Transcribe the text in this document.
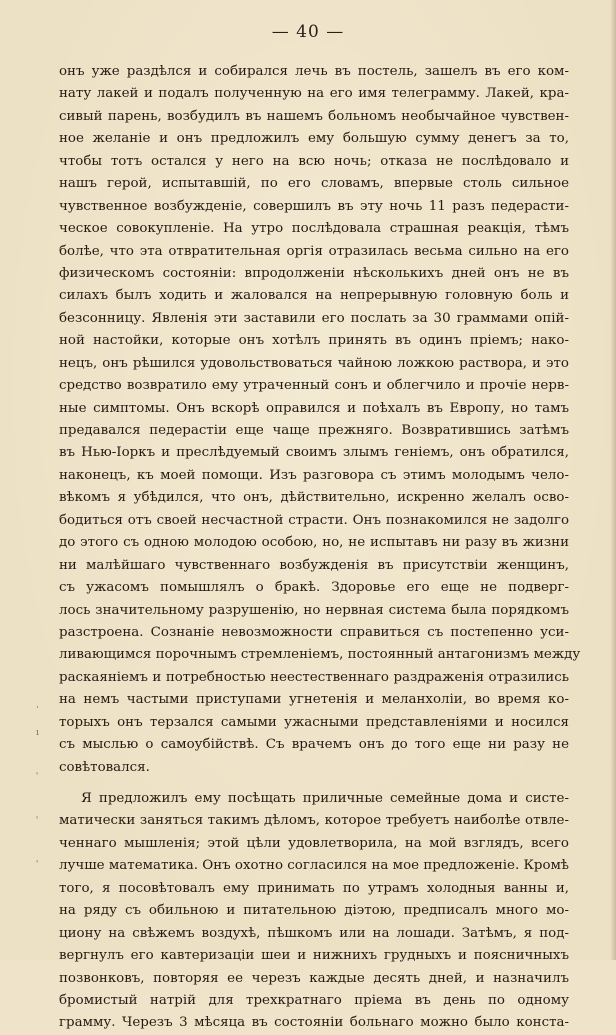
— 40 —
онъ уже раздѣлся и собирался лечь въ постель, зашелъ въ его ком-
нату лакей и подалъ полученную на его имя телеграмму. Лакей, кра-
сивый парень, возбудилъ въ нашемъ больномъ необычайное чувствен-
ное желаніе и онъ предложилъ ему большую сумму денегъ за то,
чтобы тотъ остался у него на всю ночь; отказа не послѣдовало и
нашъ герой, испытавшій, по его словамъ, впервые столь сильное
чувственное возбужденіе, совершилъ въ эту ночь 11 разъ педерасти-
ческое совокупленіе. На утро послѣдовала страшная реакція, тѣмъ
болѣе, что эта отвратительная оргія отразилась весьма сильно на его
физическомъ состояніи: впродолженіи нѣсколькихъ дней онъ не въ
силахъ былъ ходить и жаловался на непрерывную головную боль и
безсонницу. Явленія эти заставили его послать за 30 граммами опій-
ной настойки, которые онъ хотѣлъ принять въ одинъ пріемъ; нако-
нецъ, онъ рѣшился удовольствоваться чайною ложкою раствора, и это
средство возвратило ему утраченный сонъ и облегчило и прочіе нерв-
ные симптомы. Онъ вскорѣ оправился и поѣхалъ въ Европу, но тамъ
предавался педерастіи еще чаще прежняго. Возвратившись затѣмъ
въ Нью-Іоркъ и преслѣдуемый своимъ злымъ геніемъ, онъ обратился,
наконецъ, къ моей помощи. Изъ разговора съ этимъ молодымъ чело-
вѣкомъ я убѣдился, что онъ, дѣйствительно, искренно желалъ осво-
бодиться отъ своей несчастной страсти. Онъ познакомился не задолго
до этого съ одною молодою особою, но, не испытавъ ни разу въ жизни
ни малѣйшаго чувственнаго возбужденія въ присутствіи женщинъ,
съ ужасомъ помышлялъ о бракѣ. Здоровье его еще не подверг-
лось значительному разрушенію, но нервная система была порядкомъ
разстроена. Сознаніе невозможности справиться съ постепенно уси-
ливающимся порочнымъ стремленіемъ, постоянный антагонизмъ между
раскаяніемъ и потребностью неестественнаго раздраженія отразились
на немъ частыми приступами угнетенія и меланхоліи, во время ко-
торыхъ онъ терзался самыми ужасными представленіями и носился
съ мыслью о самоубійствѣ. Съ врачемъ онъ до того еще ни разу не
совѣтовался.
Я предложилъ ему посѣщать приличные семейные дома и систе-
матически заняться такимъ дѣломъ, которое требуетъ наиболѣе отвле-
ченнаго мышленія; этой цѣли удовлетворила, на мой взглядъ, всего
лучше математика. Онъ охотно согласился на мое предложеніе. Кромѣ
того, я посовѣтовалъ ему принимать по утрамъ холодныя ванны и,
на ряду съ обильною и питательною діэтою, предписалъ много мо-
циону на свѣжемъ воздухѣ, пѣшкомъ или на лошади. Затѣмъ, я под-
вергнулъ его кавтеризаціи шеи и нижнихъ грудныхъ и поясничныхъ
позвонковъ, повторяя ее черезъ каждые десять дней, и назначилъ
бромистый натрій для трехкратнаго пріема въ день по одному
грамму. Черезъ 3 мѣсяца въ состояніи больнаго можно было конста-
ˈ
ı
ʿ
ʿ
ʾ
